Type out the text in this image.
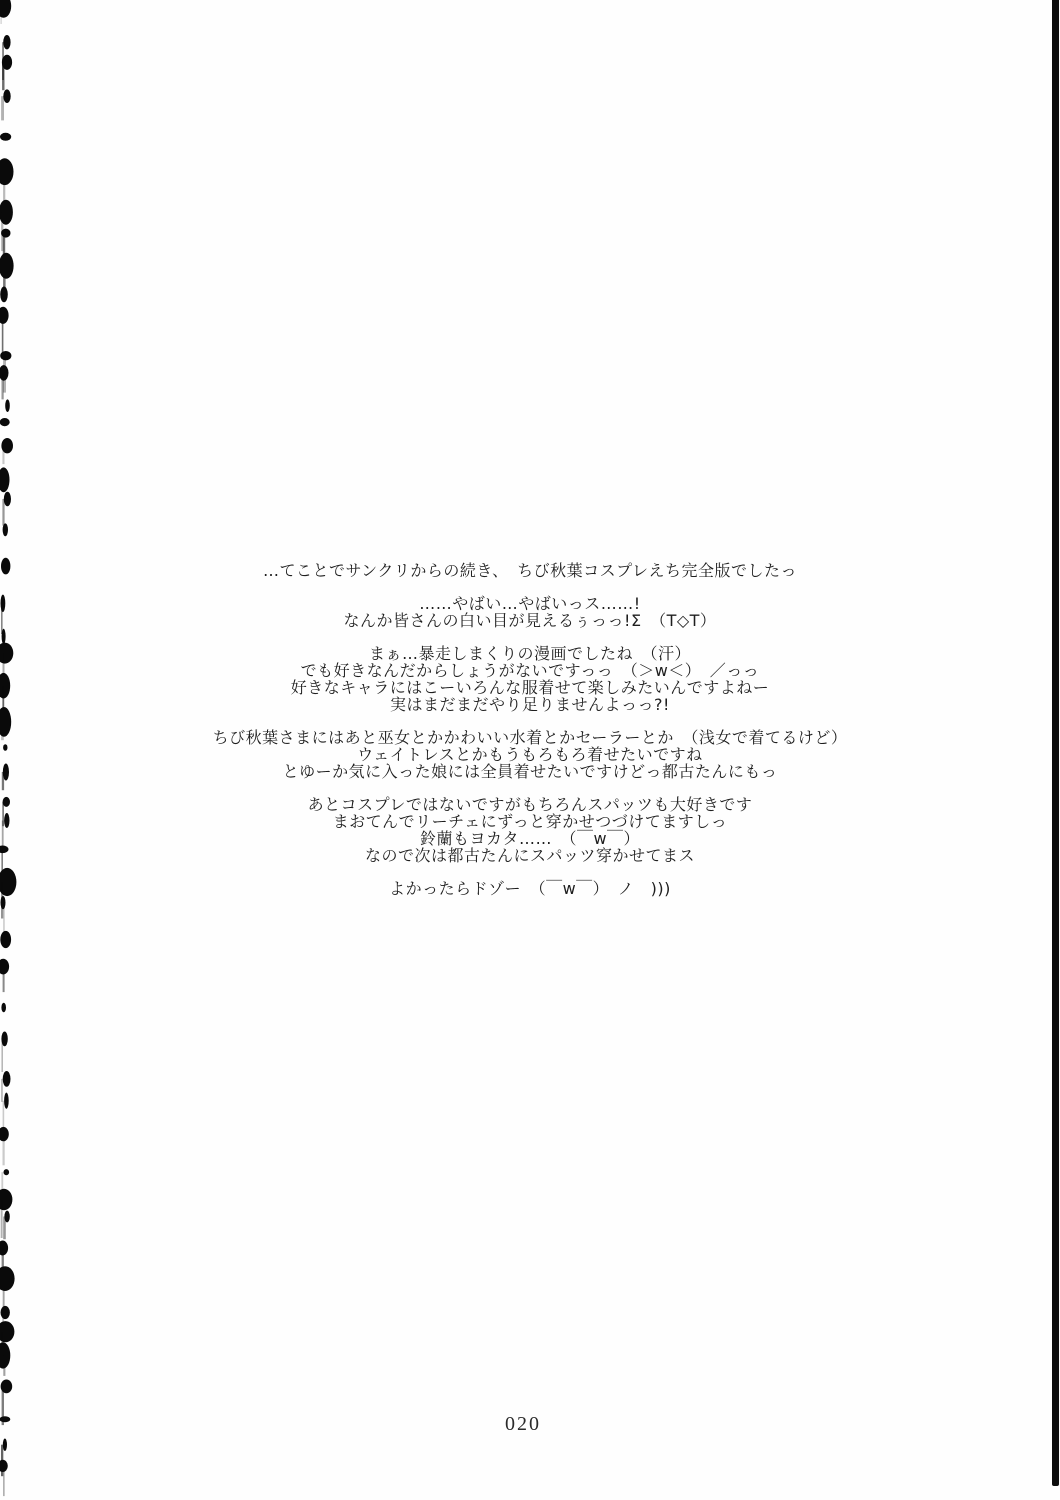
…てことでサンクリからの続き、　ちび秋葉コスプレえち完全版でしたっ

……やばい…やばいっス……!
なんか皆さんの白い目が見えるぅっっ!Σ　（T◇T）

まぁ…暴走しまくりの漫画でしたね　（汗）
でも好きなんだからしょうがないですっっ　（＞w＜）　／っっ
好きなキャラにはこーいろんな服着せて楽しみたいんですよねー
実はまだまだやり足りませんよっっ?!

ちび秋葉さまにはあと巫女とかかわいい水着とかセーラーとか　（浅女で着てるけど）
ウェイトレスとかもうもろもろ着せたいですね
とゆーか気に入った娘には全員着せたいですけどっ都古たんにもっ

あとコスプレではないですがもちろんスパッツも大好きです
まおてんでリーチェにずっと穿かせつづけてますしっ
鈴蘭もヨカタ……　（￣w￣）
なので次は都古たんにスパッツ穿かせてまス

よかったらドゾー　（￣w￣）　ノ　)))

020
